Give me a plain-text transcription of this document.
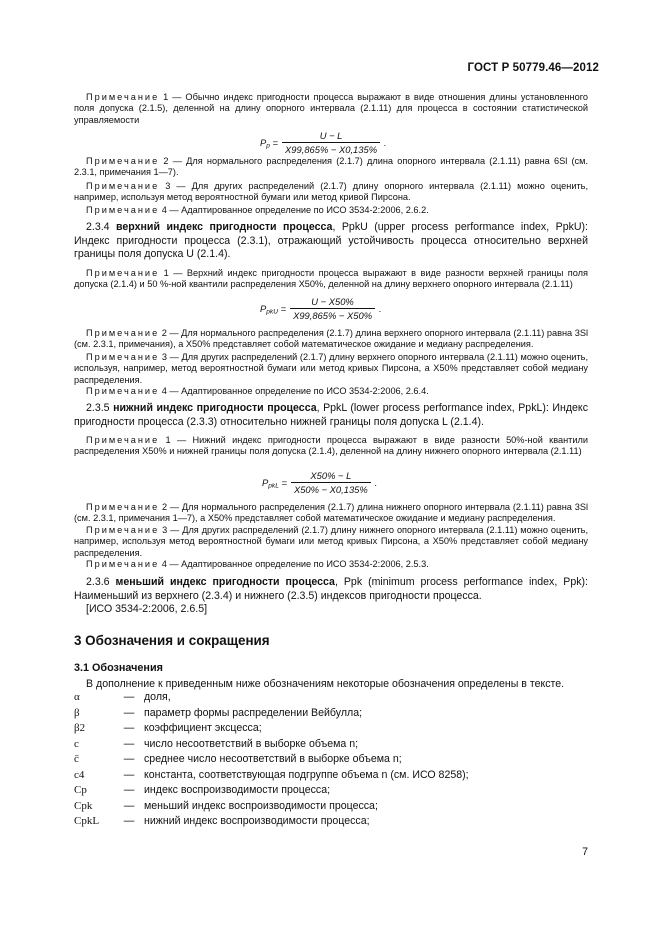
ГОСТ Р 50779.46—2012
Примечание 1 — Обычно индекс пригодности процесса выражают в виде отношения длины установленного поля допуска (2.1.5), деленной на длину опорного интервала (2.1.11) для процесса в состоянии статистической управляемости
$P_p = \frac{U - L}{X99,865\% - X0,135\%}$ .
Примечание 2 — Для нормального распределения (2.1.7) длина опорного интервала (2.1.11) равна 6Sl (см. 2.3.1, примечания 1—7).
Примечание 3 — Для других распределений (2.1.7) длину опорного интервала (2.1.11) можно оценить, например, используя метод вероятностной бумаги или метод кривой Пирсона.
Примечание 4 — Адаптированное определение по ИСО 3534-2:2006, 2.6.2.
2.3.4 верхний индекс пригодности процесса, PpkU (upper process performance index, PpkU): Индекс пригодности процесса (2.3.1), отражающий устойчивость процесса относительно верхней границы поля допуска U (2.1.4).
Примечание 1 — Верхний индекс пригодности процесса выражают в виде разности верхней границы поля допуска (2.1.4) и 50 %-ной квантили распределения X50%, деленной на длину верхнего опорного интервала (2.1.11)
$P_{pkU} = \frac{U - X50\%}{X99,865\% - X50\%}$ .
Примечание 2 — Для нормального распределения (2.1.7) длина верхнего опорного интервала (2.1.11) равна 3Sl (см. 2.3.1, примечания), а X50% представляет собой математическое ожидание и медиану распределения.
Примечание 3 — Для других распределений (2.1.7) длину верхнего опорного интервала (2.1.11) можно оценить, используя, например, метод вероятностной бумаги или метод кривых Пирсона, а X50% представляет собой медиану распределения.
Примечание 4 — Адаптированное определение по ИСО 3534-2:2006, 2.6.4.
2.3.5 нижний индекс пригодности процесса, PpkL (lower process performance index, PpkL): Индекс пригодности процесса (2.3.3) относительно нижней границы поля допуска L (2.1.4).
Примечание 1 — Нижний индекс пригодности процесса выражают в виде разности 50%-ной квантили распределения X50% и нижней границы поля допуска (2.1.4), деленной на длину нижнего опорного интервала (2.1.11)
$P_{pkL} = \frac{X50\% - L}{X50\% - X0,135\%}$ .
Примечание 2 — Для нормального распределения (2.1.7) длина нижнего опорного интервала (2.1.11) равна 3Sl (см. 2.3.1, примечания 1—7), а X50% представляет собой математическое ожидание и медиану распределения.
Примечание 3 — Для других распределений (2.1.7) длину нижнего опорного интервала (2.1.11) можно оценить, например, используя метод вероятностной бумаги или метод кривых Пирсона, а X50% представляет собой медиану распределения.
Примечание 4 — Адаптированное определение по ИСО 3534-2:2006, 2.5.3.
2.3.6 меньший индекс пригодности процесса, Ppk (minimum process performance index, Ppk): Наименьший из верхнего (2.3.4) и нижнего (2.3.5) индексов пригодности процесса.
[ИСО 3534-2:2006, 2.6.5]
3 Обозначения и сокращения
3.1 Обозначения
В дополнение к приведенным ниже обозначениям некоторые обозначения определены в тексте.
α	— доля,
β	— параметр формы распределении Вейбулла;
β2	— коэффициент эксцесса;
c	— число несоответствий в выборке объема n;
c̄	— среднее число несоответствий в выборке объема n;
c4	— константа, соответствующая подгруппе объема n (см. ИСО 8258);
Cp	— индекс воспроизводимости процесса;
Cpk	— меньший индекс воспроизводимости процесса;
CpkL	— нижний индекс воспроизводимости процесса;
7
